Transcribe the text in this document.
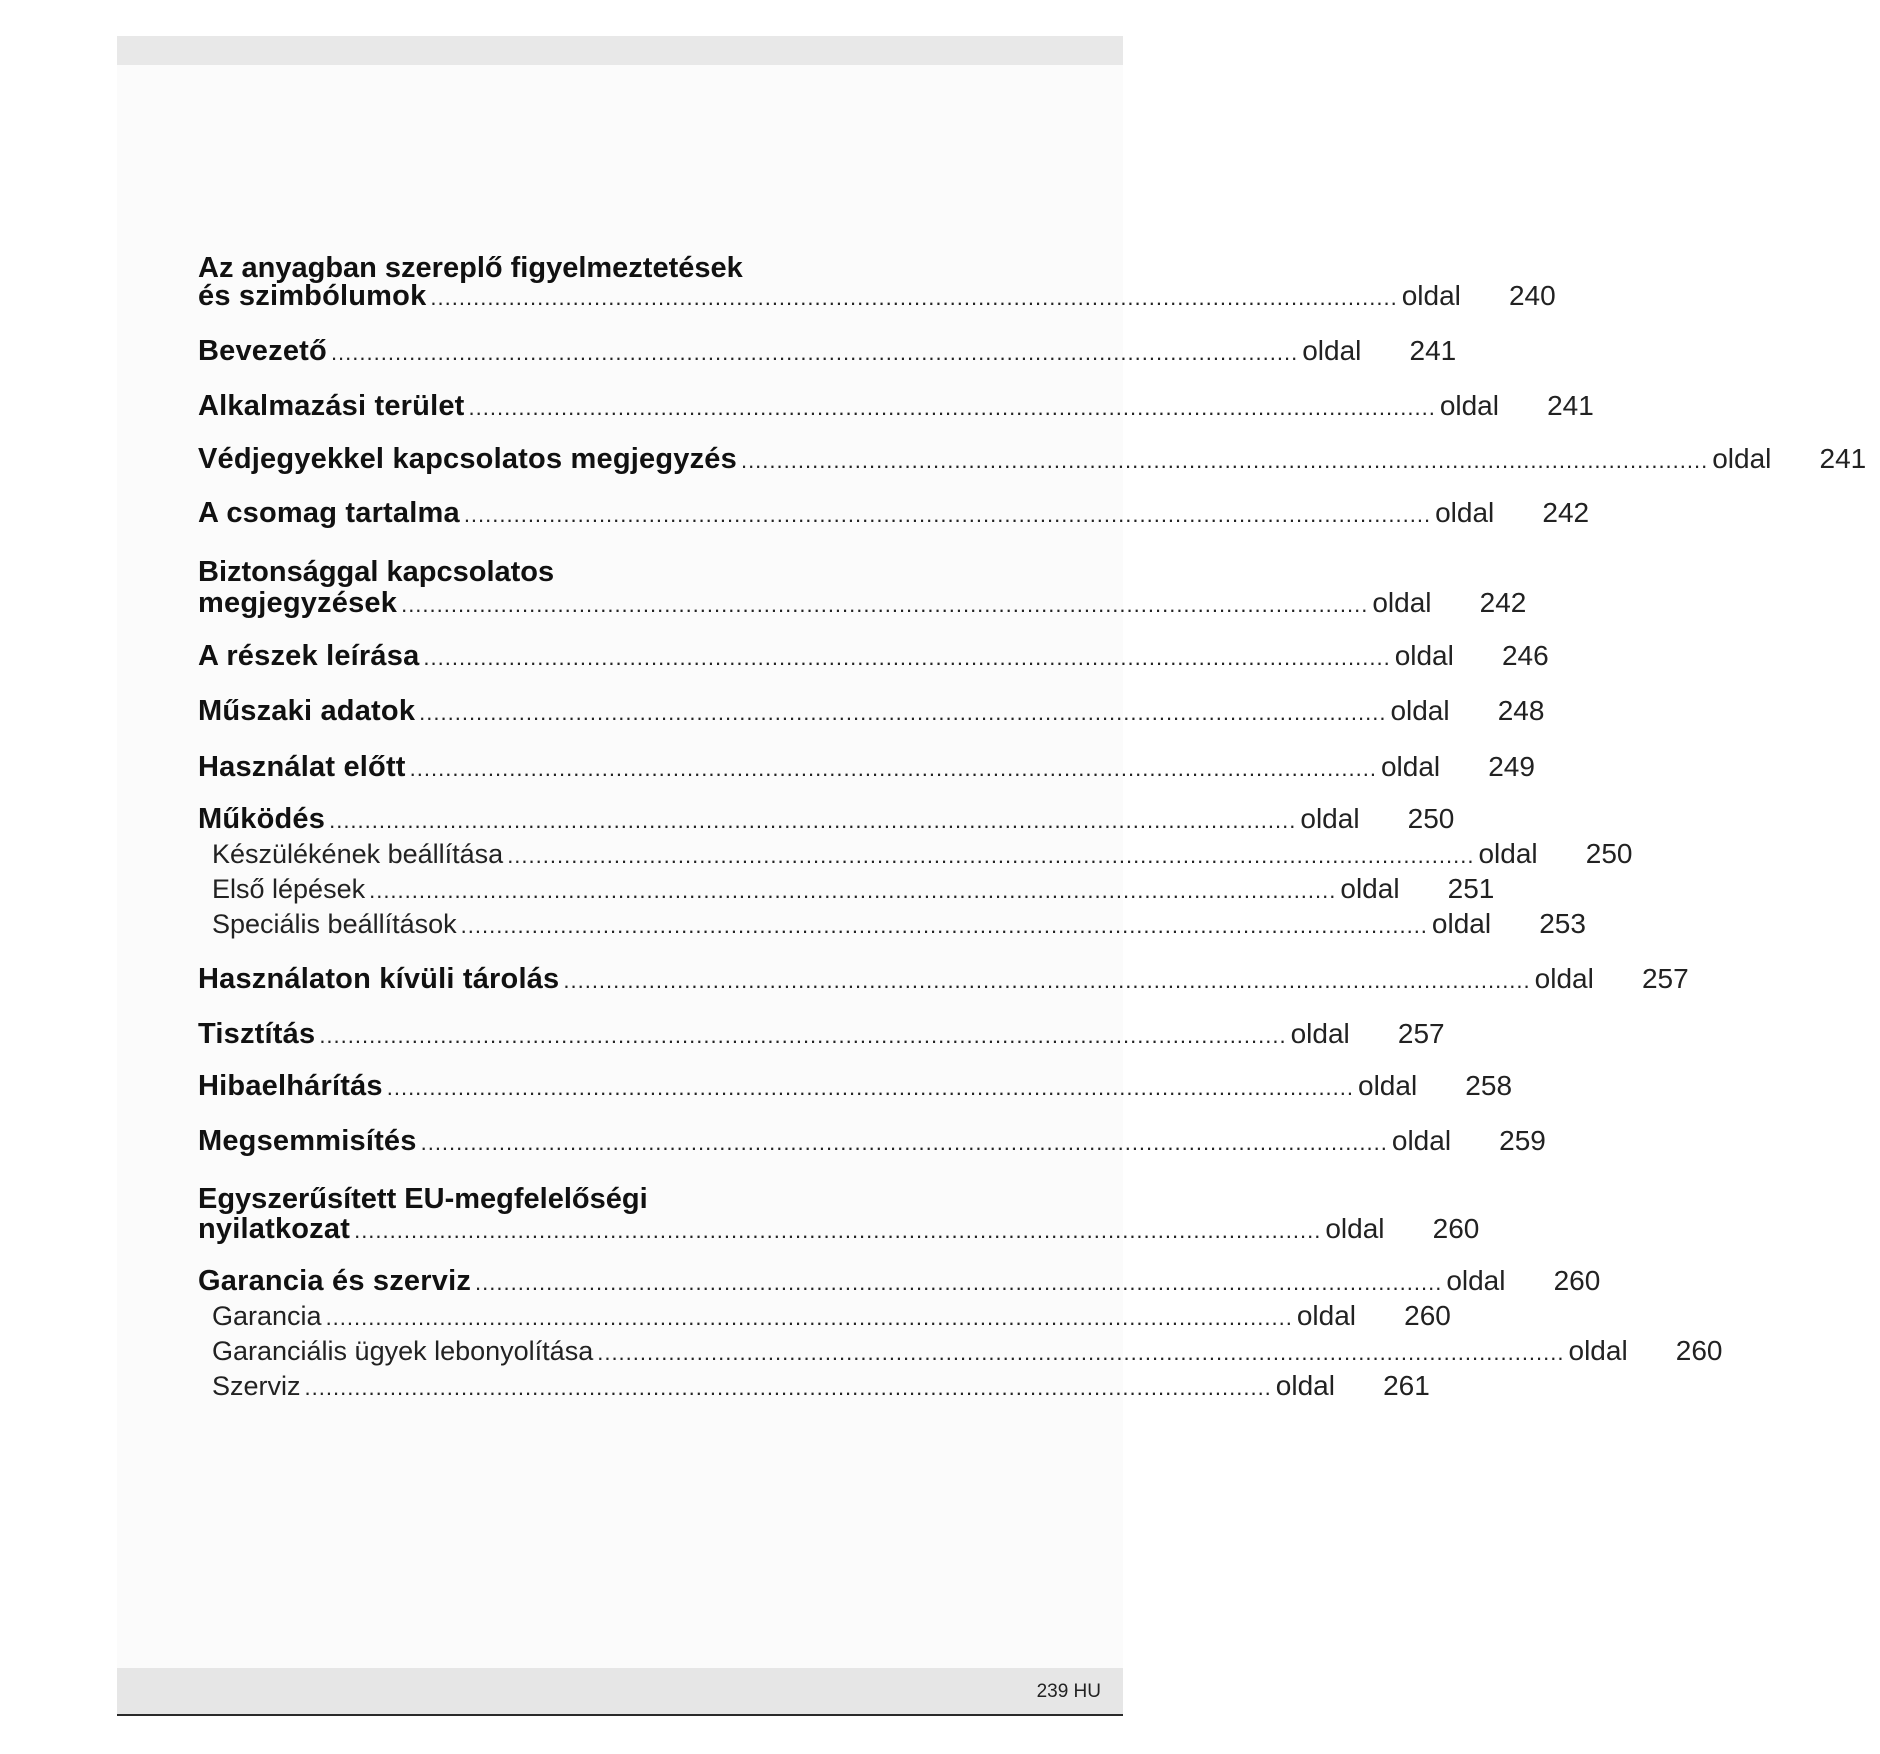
Az anyagban szereplő figyelmeztetések
és szimbólumok ........................................................................................................................................ oldal	240
Bevezető ........................................................................................................................................ oldal	241
Alkalmazási terület ........................................................................................................................................ oldal	241
Védjegyekkel kapcsolatos megjegyzés ........................................................................................................................................ oldal	241
A csomag tartalma ........................................................................................................................................ oldal	242
Biztonsággal kapcsolatos
megjegyzések ........................................................................................................................................ oldal	242
A részek leírása ........................................................................................................................................ oldal	246
Műszaki adatok ........................................................................................................................................ oldal	248
Használat előtt ........................................................................................................................................ oldal	249
Működés ........................................................................................................................................ oldal	250
Készülékének beállítása ........................................................................................................................................ oldal	250
Első lépések ........................................................................................................................................ oldal	251
Speciális beállítások ........................................................................................................................................ oldal	253
Használaton kívüli tárolás ........................................................................................................................................ oldal	257
Tisztítás ........................................................................................................................................ oldal	257
Hibaelhárítás ........................................................................................................................................ oldal	258
Megsemmisítés ........................................................................................................................................ oldal	259
Egyszerűsített EU-megfelelőségi
nyilatkozat ........................................................................................................................................ oldal	260
Garancia és szerviz ........................................................................................................................................ oldal	260
Garancia ........................................................................................................................................ oldal	260
Garanciális ügyek lebonyolítása ........................................................................................................................................ oldal	260
Szerviz ........................................................................................................................................ oldal	261
239 HU
